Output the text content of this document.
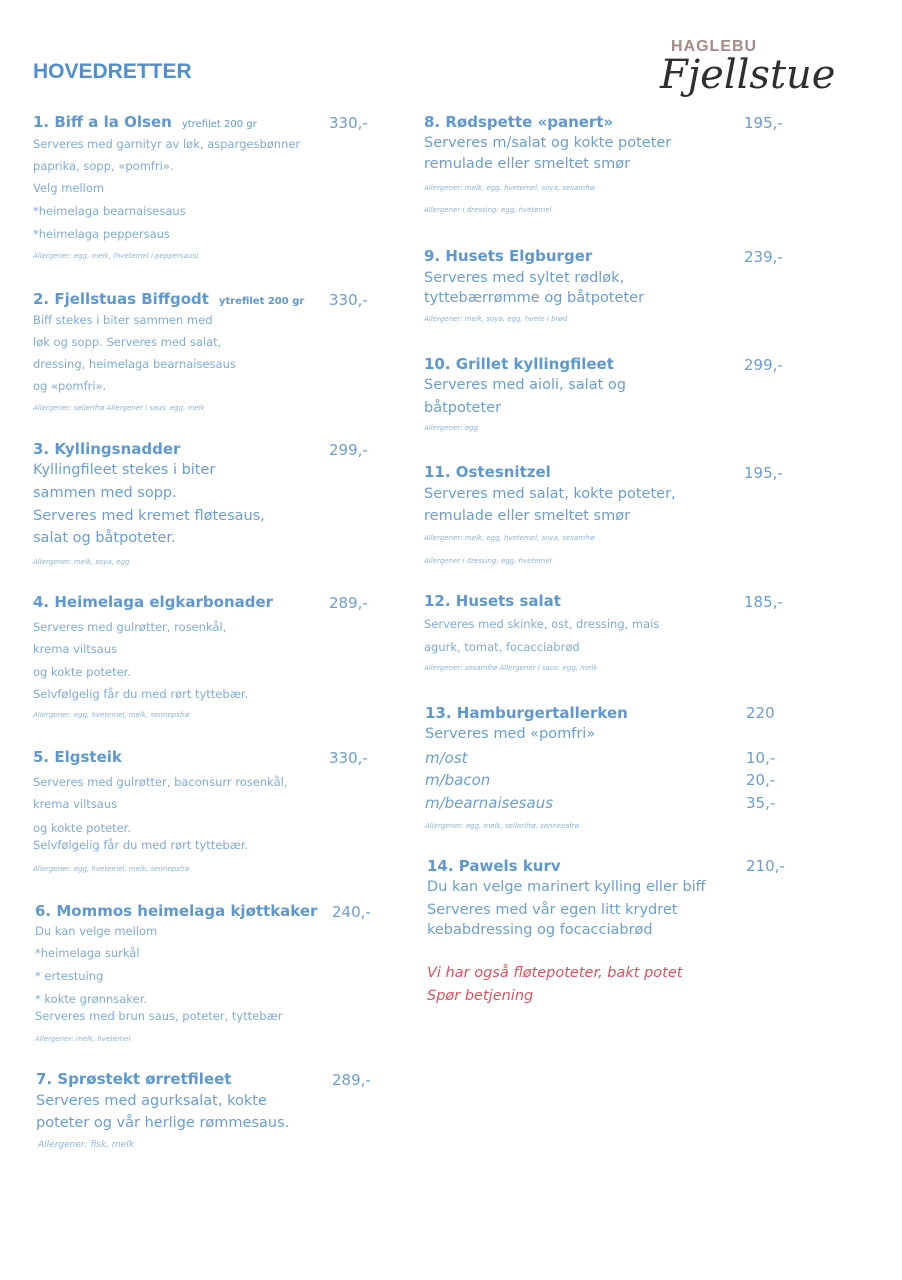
HOVEDRETTER
HAGLEBU
Fjellstue
1. Biff a la Olsen ytrefilet 200 gr	330,-
Serveres med garnityr av løk, aspargesbønner
paprika, sopp, «pomfri».
Velg mellom
*heimelaga bearnaisesaus
*heimelaga peppersaus
Allergener: egg, melk, (hvetemel i peppersaus)
2. Fjellstuas Biffgodt ytrefilet 200 gr 330,-
Biff stekes i biter sammen med
løk og sopp. Serveres med salat,
dressing, heimelaga bearnaisesaus
og «pomfri».
Allergener: sellerifrø Allergener i saus: egg, melk
3. Kyllingsnadder	299,-
Kyllingfileet stekes i biter
sammen med sopp.
Serveres med kremet fløtesaus,
salat og båtpoteter.
Allergener: melk, soya, egg
4. Heimelaga elgkarbonader	289,-
Serveres med gulrøtter, rosenkål,
krema viltsaus
og kokte poteter.
Selvfølgelig får du med rørt tyttebær.
Allergener: egg, hvetemel, melk, sennepsfrø
5. Elgsteik	330,-
Serveres med gulrøtter, baconsurr rosenkål,
krema viltsaus
og kokte poteter.
Selvfølgelig får du med rørt tyttebær.
Allergener: egg, hvetemel, melk, sennepsfrø
6. Mommos heimelaga kjøttkaker 240,-
Du kan velge mellom
*heimelaga surkål
* ertestuing
* kokte grønnsaker.
Serveres med brun saus, poteter, tyttebær
Allergener: melk, hvetemel
7. Sprøstekt ørretfileet	289,-
Serveres med agurksalat, kokte
poteter og vår herlige rømmesaus.
Allergener: fisk, melk
8. Rødspette «panert»	195,-
Serveres m/salat og kokte poteter
remulade eller smeltet smør
Allergener: melk, egg, hvetemel, soya, sesamfrø
Allergener i dressing: egg, hvetemel
9. Husets Elgburger	239,-
Serveres med syltet rødløk,
tyttebærrømme og båtpoteter
Allergener: melk, soya, egg, hvete i brød
10. Grillet kyllingfileet	299,-
Serveres med aioli, salat og
båtpoteter
Allergener: egg
11. Ostesnitzel	195,-
Serveres med salat, kokte poteter,
remulade eller smeltet smør
Allergener: melk, egg, hvetemel, soya, sesamfrø
Allergener i dressing: egg, hvetemel
12. Husets salat	185,-
Serveres med skinke, ost, dressing, mais
agurk, tomat, focacciabrød
Allergener: sesamfrø Allergener i saus: egg, melk
13. Hamburgertallerken	220
Serveres med «pomfri»
m/ost	10,-
m/bacon	20,-
m/bearnaisesaus	35,-
Allergener: egg, melk, sellerifrø, sennepsfrø
14. Pawels kurv	210,-
Du kan velge marinert kylling eller biff
Serveres med vår egen litt krydret
kebabdressing og focacciabrød
Vi har også fløtepoteter, bakt potet
Spør betjening
